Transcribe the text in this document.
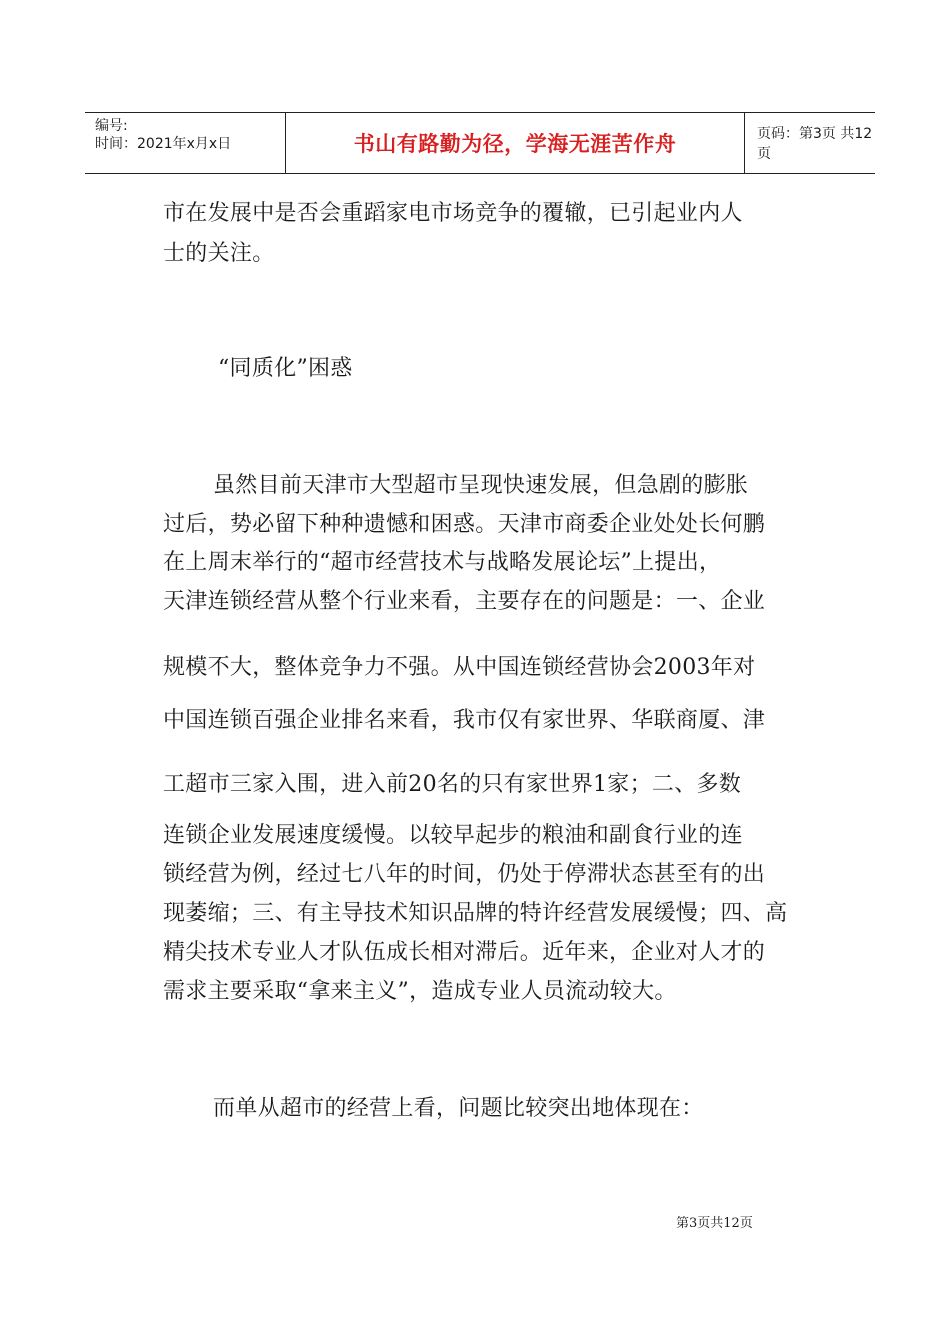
编号:
时间：2021年x月x日	书山有路勤为径，学海无涯苦作舟	页码：第3页 共12页
市在发展中是否会重蹈家电市场竞争的覆辙，已引起业内人
士的关注。
“同质化”困惑
虽然目前天津市大型超市呈现快速发展，但急剧的膨胀
过后，势必留下种种遗憾和困惑。天津市商委企业处处长何鹏
在上周末举行的“超市经营技术与战略发展论坛”上提出，
天津连锁经营从整个行业来看，主要存在的问题是：一、企业
规模不大，整体竞争力不强。从中国连锁经营协会2003年对
中国连锁百强企业排名来看，我市仅有家世界、华联商厦、津
工超市三家入围，进入前20名的只有家世界1家；二、多数
连锁企业发展速度缓慢。以较早起步的粮油和副食行业的连
锁经营为例，经过七八年的时间，仍处于停滞状态甚至有的出
现萎缩；三、有主导技术知识品牌的特许经营发展缓慢；四、高
精尖技术专业人才队伍成长相对滞后。近年来，企业对人才的
需求主要采取“拿来主义”，造成专业人员流动较大。
而单从超市的经营上看，问题比较突出地体现在：
第3页共12页
